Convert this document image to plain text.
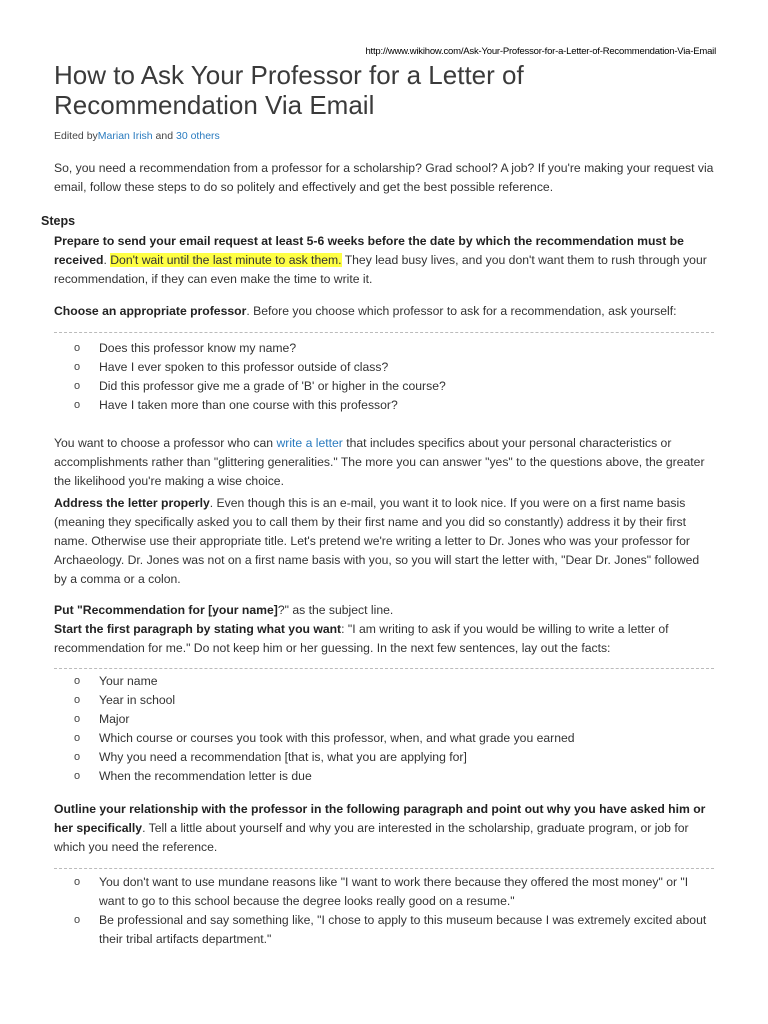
http://www.wikihow.com/Ask-Your-Professor-for-a-Letter-of-Recommendation-Via-Email
How to Ask Your Professor for a Letter of
Recommendation Via Email
Edited byMarian Irish and 30 others

So, you need a recommendation from a professor for a scholarship? Grad school? A job? If you're making your request via email, follow these steps to do so politely and effectively and get the best possible reference.

Steps

Prepare to send your email request at least 5-6 weeks before the date by which the recommendation must be received. Don't wait until the last minute to ask them. They lead busy lives, and you don't want them to rush through your recommendation, if they can even make the time to write it.

Choose an appropriate professor. Before you choose which professor to ask for a recommendation, ask yourself:

o Does this professor know my name?
o Have I ever spoken to this professor outside of class?
o Did this professor give me a grade of 'B' or higher in the course?
o Have I taken more than one course with this professor?

You want to choose a professor who can write a letter that includes specifics about your personal characteristics or accomplishments rather than "glittering generalities." The more you can answer "yes" to the questions above, the greater the likelihood you're making a wise choice.

Address the letter properly. Even though this is an e-mail, you want it to look nice. If you were on a first name basis (meaning they specifically asked you to call them by their first name and you did so constantly) address it by their first name. Otherwise use their appropriate title. Let's pretend we're writing a letter to Dr. Jones who was your professor for Archaeology. Dr. Jones was not on a first name basis with you, so you will start the letter with, "Dear Dr. Jones" followed by a comma or a colon.

Put "Recommendation for [your name]?" as the subject line.

Start the first paragraph by stating what you want: "I am writing to ask if you would be willing to write a letter of recommendation for me." Do not keep him or her guessing. In the next few sentences, lay out the facts:

o Your name
o Year in school
o Major
o Which course or courses you took with this professor, when, and what grade you earned
o Why you need a recommendation [that is, what you are applying for]
o When the recommendation letter is due

Outline your relationship with the professor in the following paragraph and point out why you have asked him or her specifically. Tell a little about yourself and why you are interested in the scholarship, graduate program, or job for which you need the reference.

o You don't want to use mundane reasons like "I want to work there because they offered the most money" or "I want to go to this school because the degree looks really good on a resume."
o Be professional and say something like, "I chose to apply to this museum because I was extremely excited about their tribal artifacts department."
